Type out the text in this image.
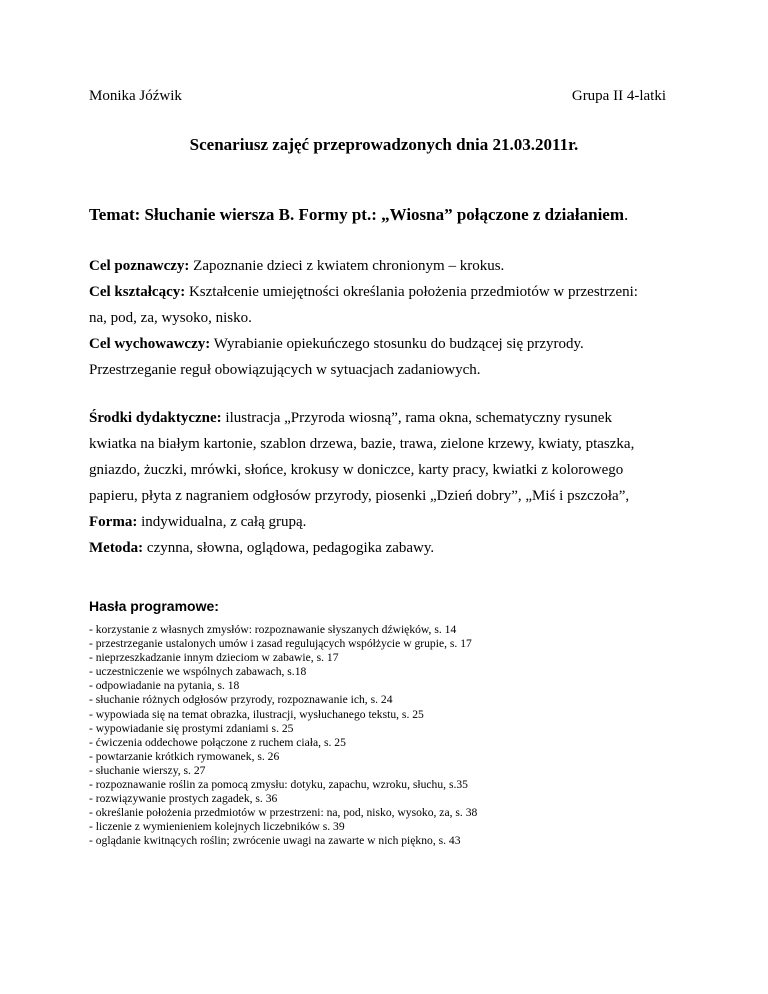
Monika Jóźwik	Grupa II 4-latki
Scenariusz zajęć przeprowadzonych dnia 21.03.2011r.
Temat: Słuchanie wiersza B. Formy pt.: „Wiosna” połączone z działaniem.
Cel poznawczy: Zapoznanie dzieci z kwiatem chronionym – krokus.
Cel kształcący: Kształcenie umiejętności określania położenia przedmiotów w przestrzeni:
na, pod, za, wysoko, nisko.
Cel wychowawczy: Wyrabianie opiekuńczego stosunku do budzącej się przyrody.
Przestrzeganie reguł obowiązujących w sytuacjach zadaniowych.
Środki dydaktyczne: ilustracja „Przyroda wiosną”, rama okna, schematyczny rysunek
kwiatka na białym kartonie, szablon drzewa, bazie, trawa, zielone krzewy, kwiaty, ptaszka,
gniazdo, żuczki, mrówki, słońce, krokusy w doniczce, karty pracy, kwiatki z kolorowego
papieru, płyta z nagraniem odgłosów przyrody, piosenki „Dzień dobry”, „Miś i pszczoła”,
Forma: indywidualna, z całą grupą.
Metoda: czynna, słowna, oglądowa, pedagogika zabawy.
Hasła programowe:
- korzystanie z własnych zmysłów: rozpoznawanie słyszanych dźwięków, s. 14
- przestrzeganie ustalonych umów i zasad regulujących współżycie w grupie, s. 17
- nieprzeszkadzanie innym dzieciom w zabawie, s. 17
- uczestniczenie we wspólnych zabawach, s.18
- odpowiadanie na pytania, s. 18
- słuchanie różnych odgłosów przyrody, rozpoznawanie ich, s. 24
- wypowiada się na temat obrazka, ilustracji, wysłuchanego tekstu, s. 25
- wypowiadanie się prostymi zdaniami s. 25
- ćwiczenia oddechowe połączone z ruchem ciała, s. 25
- powtarzanie krótkich rymowanek, s. 26
- słuchanie wierszy, s. 27
- rozpoznawanie roślin za pomocą zmysłu: dotyku, zapachu, wzroku, słuchu, s.35
- rozwiązywanie prostych zagadek, s. 36
- określanie położenia przedmiotów w przestrzeni: na, pod, nisko, wysoko, za, s. 38
- liczenie z wymienieniem kolejnych liczebników s. 39
- oglądanie kwitnących roślin; zwrócenie uwagi na zawarte w nich piękno, s. 43
